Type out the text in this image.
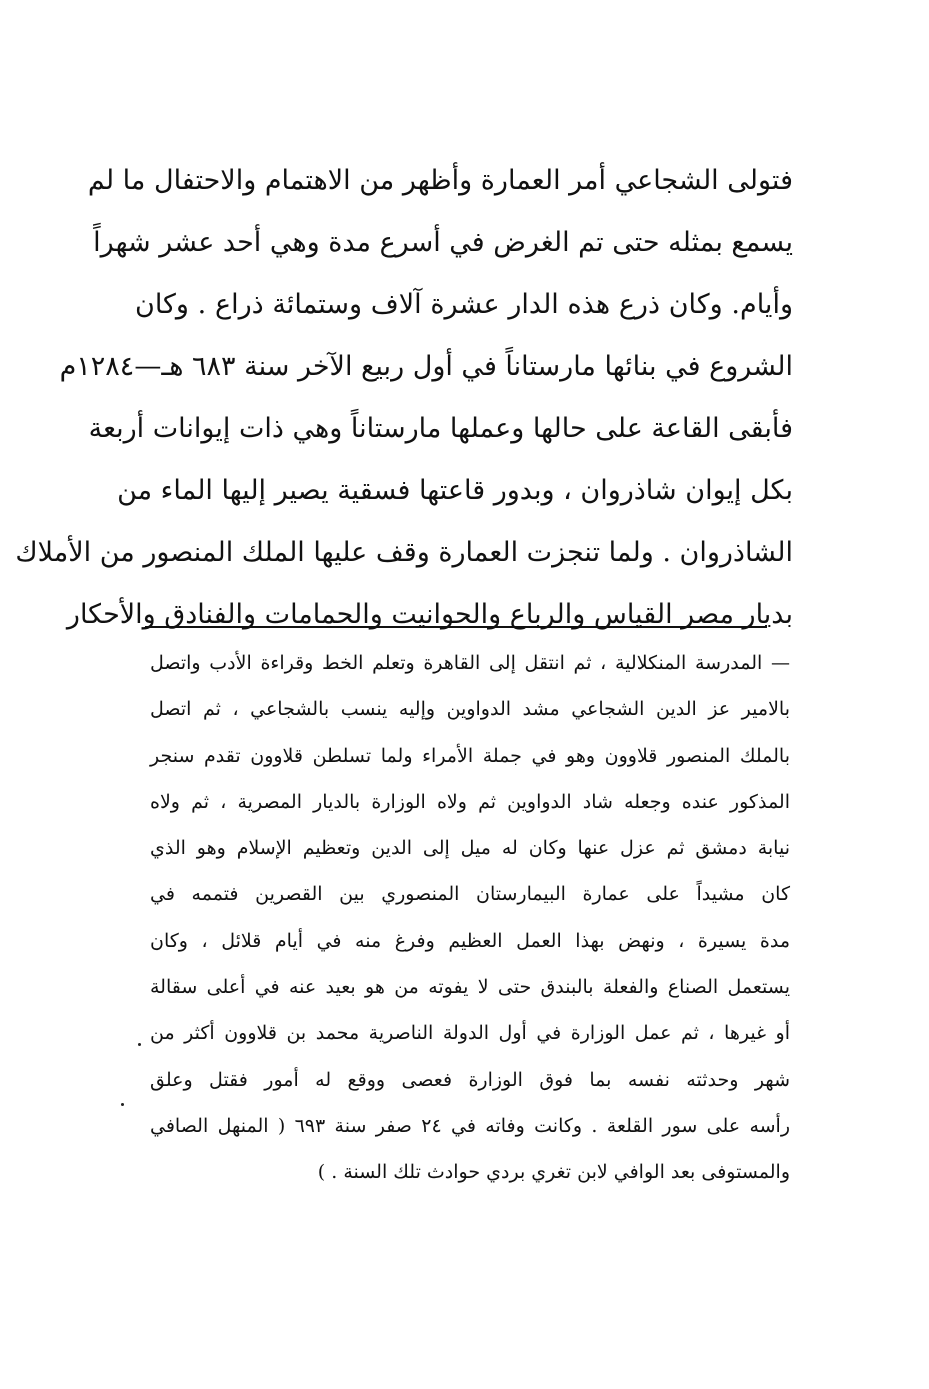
فتولى الشجاعي أمر العمارة وأظهر من الاهتمام والاحتفال ما لم
يسمع بمثله حتى تم الغرض في أسرع مدة وهي أحد عشر شهراً
وأيام. وكان ذرع هذه الدار عشرة آلاف وستمائة ذراع . وكان
الشروع في بنائها مارستاناً في أول ربيع الآخر سنة ٦٨٣ هـ—١٢٨٤م
فأبقى القاعة على حالها وعملها مارستاناً وهي ذات إيوانات أربعة
بكل إيوان شاذروان ، وبدور قاعتها فسقية يصير إليها الماء من
الشاذروان . ولما تنجزت العمارة وقف عليها الملك المنصور من الأملاك
بديار مصر القياس والرباع والحوانيت والحمامات والفنادق والأحكار
— المدرسة المنكلالية ، ثم انتقل إلى القاهرة وتعلم الخط وقراءة الأدب واتصل
بالامير عز الدين الشجاعي مشد الدواوين وإليه ينسب بالشجاعي ، ثم اتصل
بالملك المنصور قلاوون وهو في جملة الأمراء ولما تسلطن قلاوون تقدم سنجر
المذكور عنده وجعله شاد الدواوين ثم ولاه الوزارة بالديار المصرية ، ثم ولاه
نيابة دمشق ثم عزل عنها وكان له ميل إلى الدين وتعظيم الإسلام وهو الذي
كان مشيداً على عمارة البيمارستان المنصوري بين القصرين فتممه في
مدة يسيرة ، ونهض بهذا العمل العظيم وفرغ منه في أيام قلائل ، وكان
يستعمل الصناع والفعلة بالبندق حتى لا يفوته من هو بعيد عنه في أعلى سقالة
أو غيرها ، ثم عمل الوزارة في أول الدولة الناصرية محمد بن قلاوون أكثر من
شهر وحدثته نفسه بما فوق الوزارة فعصى ووقع له أمور فقتل وعلق
رأسه على سور القلعة . وكانت وفاته في ٢٤ صفر سنة ٦٩٣ ( المنهل الصافي
والمستوفى بعد الوافي لابن تغري بردي حوادث تلك السنة . )
